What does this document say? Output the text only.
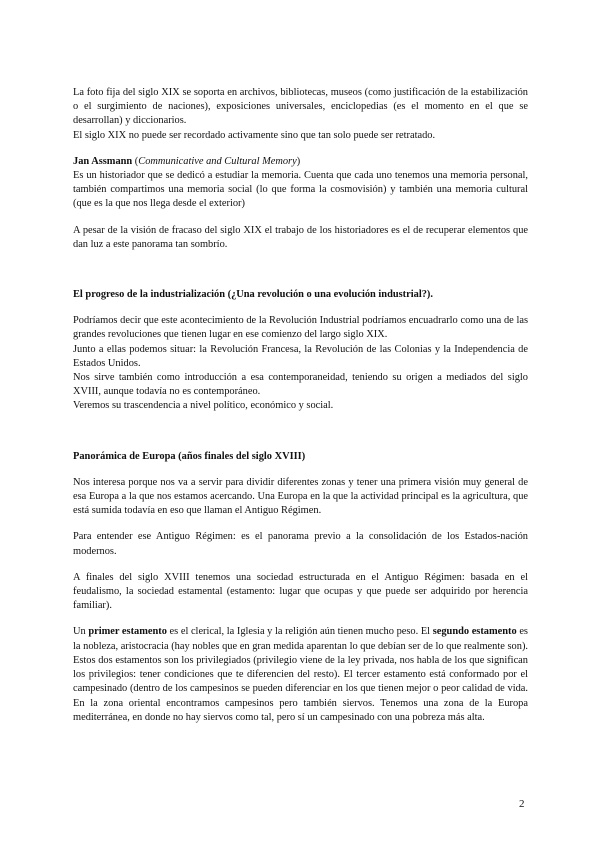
La foto fija del siglo XIX se soporta en archivos, bibliotecas, museos (como justificación de la estabilización o el surgimiento de naciones), exposiciones universales, enciclopedias (es el momento en el que se desarrollan) y diccionarios.

El siglo XIX no puede ser recordado activamente sino que tan solo puede ser retratado.

Jan Assmann (Communicative and Cultural Memory)

Es un historiador que se dedicó a estudiar la memoria. Cuenta que cada uno tenemos una memoria personal, también compartimos una memoria social (lo que forma la cosmovisión) y también una memoria cultural (que es la que nos llega desde el exterior)

A pesar de la visión de fracaso del siglo XIX el trabajo de los historiadores es el de recuperar elementos que dan luz a este panorama tan sombrío.

El progreso de la industrialización (¿Una revolución o una evolución industrial?).

Podríamos decir que este acontecimiento de la Revolución Industrial podríamos encuadrarlo como una de las grandes revoluciones que tienen lugar en ese comienzo del largo siglo XIX.

Junto a ellas podemos situar: la Revolución Francesa, la Revolución de las Colonias y la Independencia de Estados Unidos.

Nos sirve también como introducción a esa contemporaneidad, teniendo su origen a mediados del siglo XVIII, aunque todavía no es contemporáneo.

Veremos su trascendencia a nivel político, económico y social.

Panorámica de Europa (años finales del siglo XVIII)

Nos interesa porque nos va a servir para dividir diferentes zonas y tener una primera visión muy general de esa Europa a la que nos estamos acercando. Una Europa en la que la actividad principal es la agricultura, que está sumida todavía en eso que llaman el Antiguo Régimen.

Para entender ese Antiguo Régimen: es el panorama previo a la consolidación de los Estados-nación modernos.

A finales del siglo XVIII tenemos una sociedad estructurada en el Antiguo Régimen: basada en el feudalismo, la sociedad estamental (estamento: lugar que ocupas y que puede ser adquirido por herencia familiar).

Un primer estamento es el clerical, la Iglesia y la religión aún tienen mucho peso. El segundo estamento es la nobleza, aristocracia (hay nobles que en gran medida aparentan lo que debían ser de lo que realmente son). Estos dos estamentos son los privilegiados (privilegio viene de la ley privada, nos habla de los que significan los privilegios: tener condiciones que te diferencien del resto). El tercer estamento está conformado por el campesinado (dentro de los campesinos se pueden diferenciar en los que tienen mejor o peor calidad de vida. En la zona oriental encontramos campesinos pero también siervos. Tenemos una zona de la Europa mediterránea, en donde no hay siervos como tal, pero sí un campesinado con una pobreza más alta.

2
